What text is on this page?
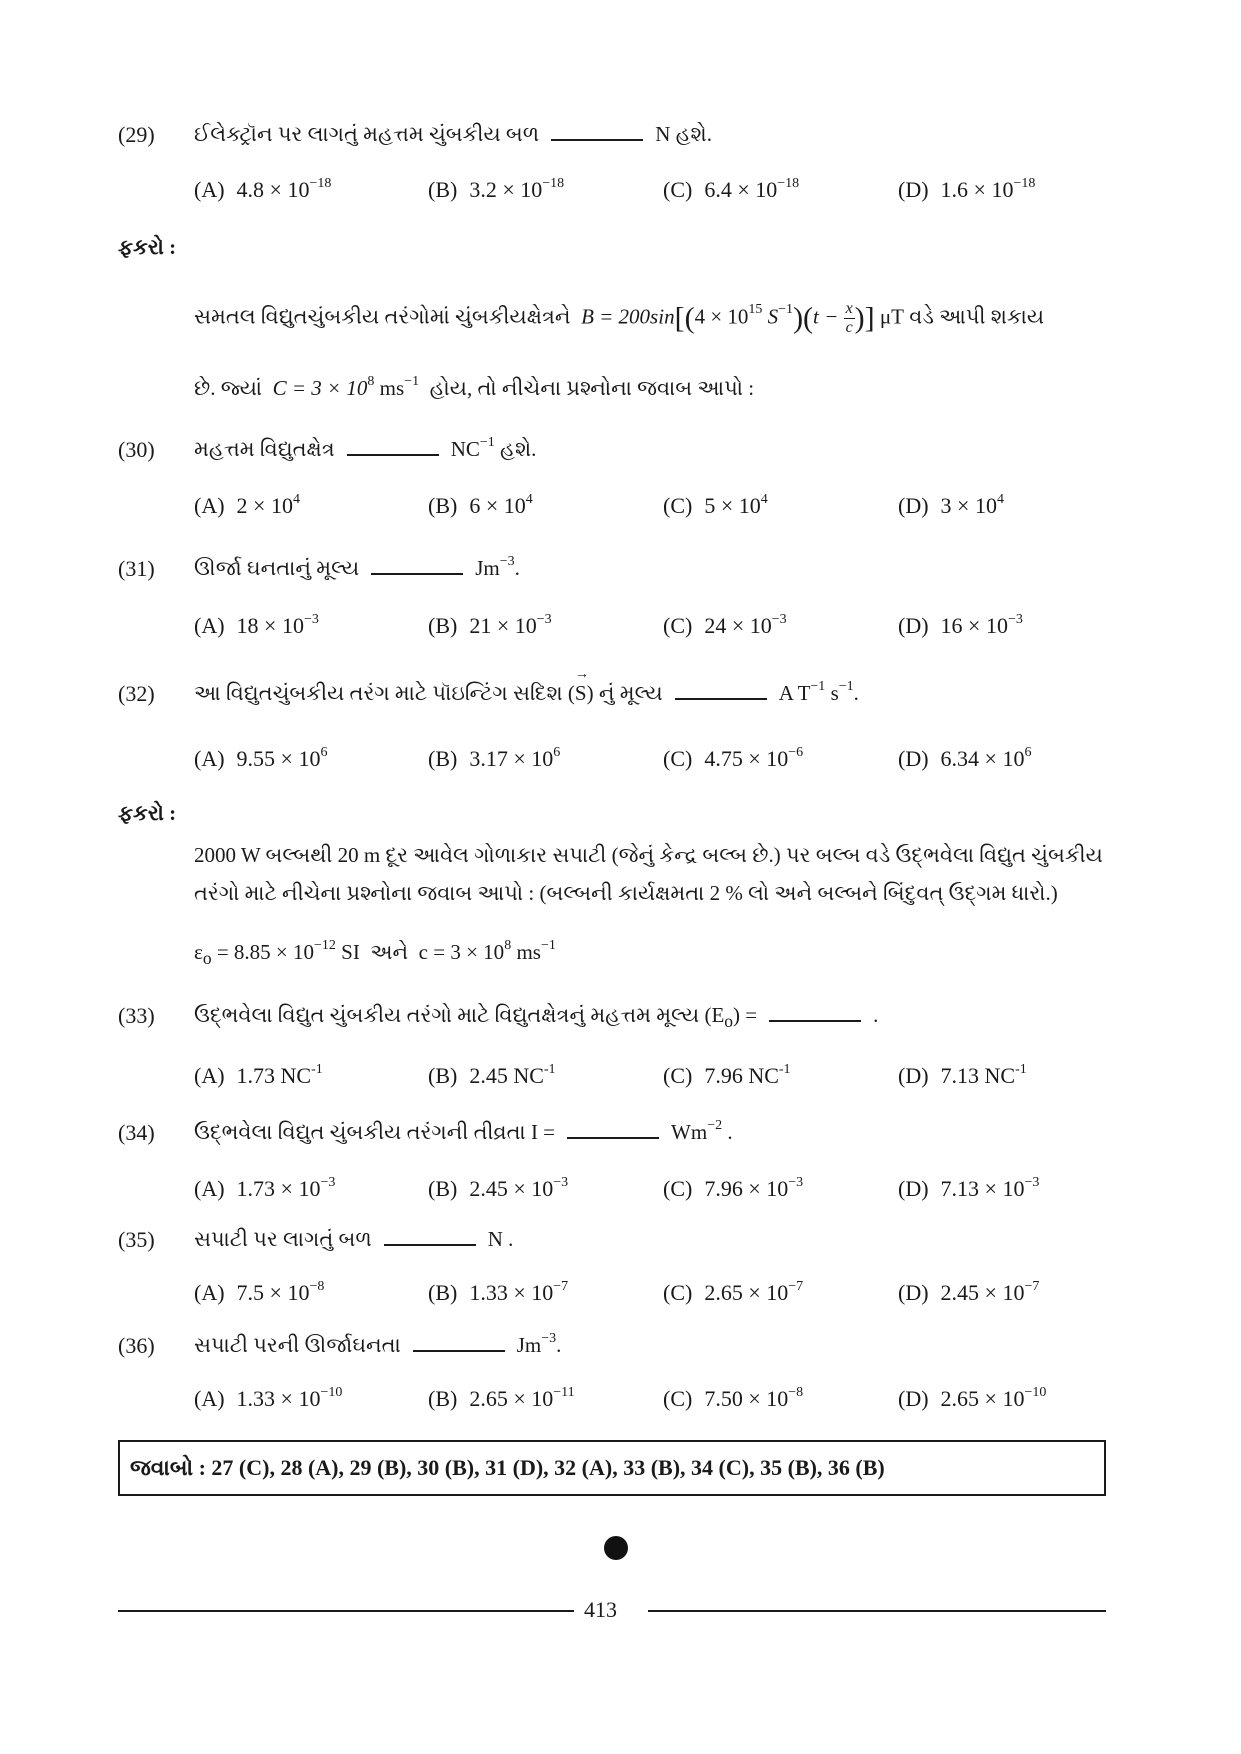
(29) ઈલેક્ટ્રૉન પર લાગતું મહત્તમ ચુંબકીય બળ	N હશે.
(A) $4.8 \times 10^{-18}$	(B) $3.2 \times 10^{-18}$	(C) $6.4 \times 10^{-18}$	(D) $1.6 \times 10^{-18}$
ફકરો :
સમતલ વિદ્યુતચુંબકીય તરંગોમાં ચુંબકીયક્ષેત્રને $B = 200\sin[(4 \times 10^{15}$ $S^{-1})(t - \frac{x}{c}$ )] μT વડે આપી શકાય
છે. જ્યાં $C = 3 \times 10^8$ $ms^{-1}$ હોય, તો નીચેના પ્રશ્નોના જવાબ આપો :
(30) મહત્તમ વિદ્યુતક્ષેત્ર	$NC^{-1}$ હશે.
(A) $2 \times 10^4$	(B) $6 \times 10^4$	(C) $5 \times 10^4$	(D) $3 \times 10^4$
(31) ઊર્જા ઘનતાનું મૂલ્ય	$Jm^{-3}$.
(A) $18 \times 10^{-3}$	(B) $21 \times 10^{-3}$	(C) $24 \times 10^{-3}$	(D) $16 \times 10^{-3}$
(32) આ વિદ્યુતચુંબકીય તરંગ માટે પૉઇન્ટિંગ સદિશ (→ S) નું મૂલ્ય	A $T^{-1}$ $s^{-1}$.
(A) $9.55 \times 10^6$	(B) $3.17 \times 10^6$	(C) $4.75 \times 10^{-6}$	(D) $6.34 \times 10^6$
ફકરો :
2000 W બલ્બથી 20 m દૂર આવેલ ગોળાકાર સપાટી (જેનું કેન્દ્ર બલ્બ છે.) પર બલ્બ વડે ઉદ્ભવેલા વિદ્યુત ચુંબકીય
તરંગો માટે નીચેના પ્રશ્નોના જવાબ આપો : (બલ્બની કાર્યક્ષમતા 2 % લો અને બલ્બને બિંદુવત્ ઉદ્ગમ ધારો.)
$\varepsilon_o = 8.85 \times 10^{-12}$ SI અને $c = 3 \times 10^8$ $ms^{-1}$
(33) ઉદ્ભવેલા વિદ્યુત ચુંબકીય તરંગો માટે વિદ્યુતક્ષેત્રનું મહત્તમ મૂલ્ય $(E_o)$ =	.
(A) 1.73 $NC^{-1}$	(B) 2.45 $NC^{-1}$	(C) 7.96 $NC^{-1}$	(D) 7.13 $NC^{-1}$
(34) ઉદ્ભવેલા વિદ્યુત ચુંબકીય તરંગની તીવ્રતા I =	$Wm^{-2}$ .
(A) $1.73 \times 10^{-3}$	(B) $2.45 \times 10^{-3}$	(C) $7.96 \times 10^{-3}$	(D) $7.13 \times 10^{-3}$
(35) સપાટી પર લાગતું બળ	N .
(A) $7.5 \times 10^{-8}$	(B) $1.33 \times 10^{-7}$	(C) $2.65 \times 10^{-7}$	(D) $2.45 \times 10^{-7}$
(36) સપાટી પરની ઊર્જાઘનતા	$Jm^{-3}$.
(A) $1.33 \times 10^{-10}$	(B) $2.65 \times 10^{-11}$	(C) $7.50 \times 10^{-8}$	(D) $2.65 \times 10^{-10}$
જવાબો : 27 (C), 28 (A), 29 (B), 30 (B), 31 (D), 32 (A), 33 (B), 34 (C), 35 (B), 36 (B)
413
